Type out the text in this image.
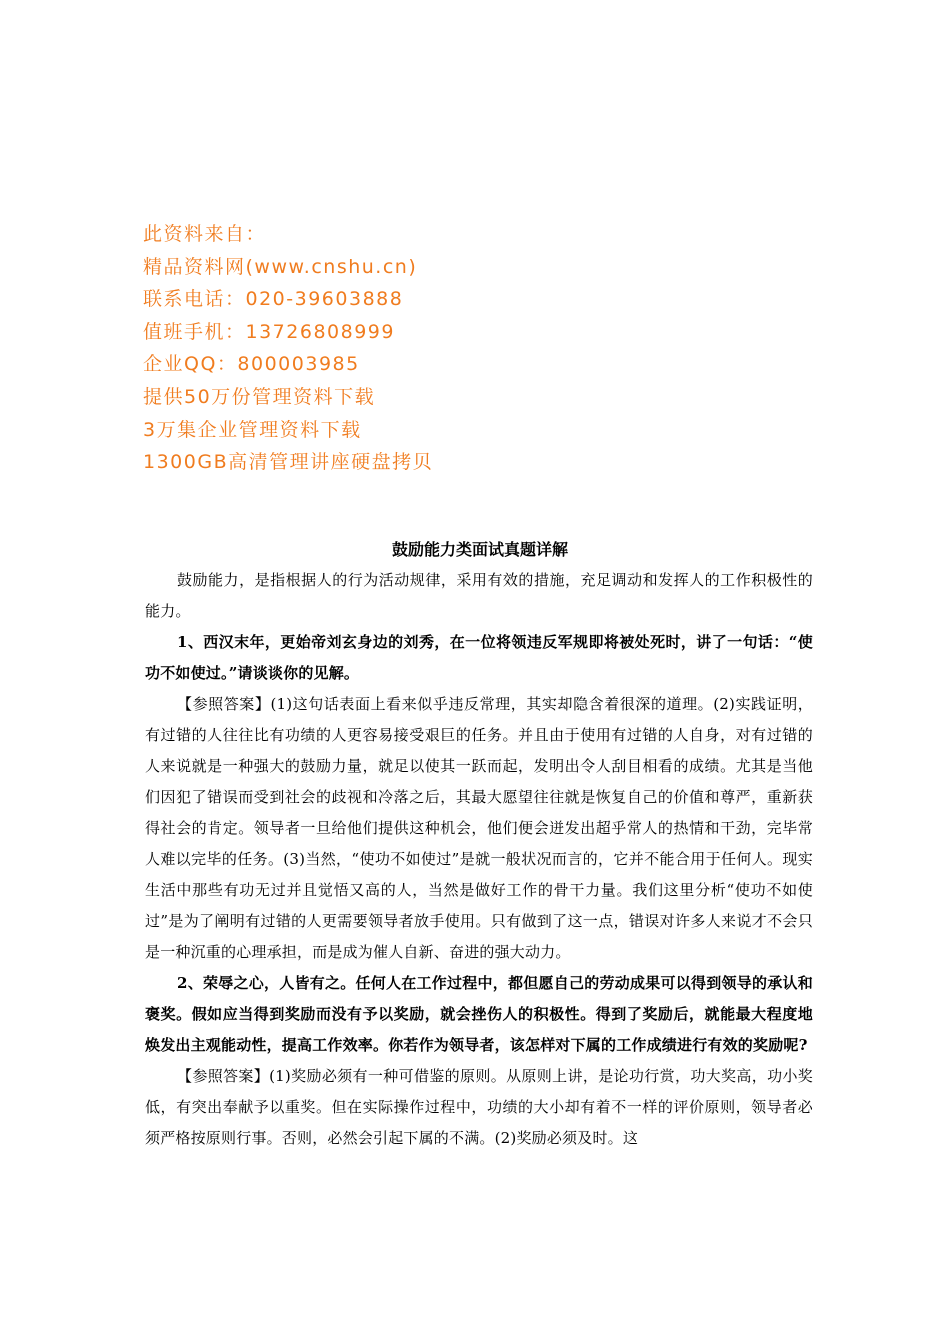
此资料来自：
精品资料网(www.cnshu.cn)
联系电话：020-39603888
值班手机：13726808999
企业QQ：800003985
提供50万份管理资料下载
3万集企业管理资料下载
1300GB高清管理讲座硬盘拷贝
鼓励能力类面试真题详解

鼓励能力，是指根据人的行为活动规律，采用有效的措施，充足调动和发挥人的工作积极性的能力。

1、西汉末年，更始帝刘玄身边的刘秀，在一位将领违反军规即将被处死时，讲了一句话：“使功不如使过。”请谈谈你的见解。

【参照答案】(1)这句话表面上看来似乎违反常理，其实却隐含着很深的道理。(2)实践证明，有过错的人往往比有功绩的人更容易接受艰巨的任务。并且由于使用有过错的人自身，对有过错的人来说就是一种强大的鼓励力量，就足以使其一跃而起，发明出令人刮目相看的成绩。尤其是当他们因犯了错误而受到社会的歧视和冷落之后，其最大愿望往往就是恢复自己的价值和尊严，重新获得社会的肯定。领导者一旦给他们提供这种机会，他们便会迸发出超乎常人的热情和干劲，完毕常人难以完毕的任务。(3)当然，“使功不如使过”是就一般状况而言的，它并不能合用于任何人。现实生活中那些有功无过并且觉悟又高的人，当然是做好工作的骨干力量。我们这里分析“使功不如使过”是为了阐明有过错的人更需要领导者放手使用。只有做到了这一点，错误对许多人来说才不会只是一种沉重的心理承担，而是成为催人自新、奋进的强大动力。

2、荣辱之心，人皆有之。任何人在工作过程中，都但愿自己的劳动成果可以得到领导的承认和褒奖。假如应当得到奖励而没有予以奖励，就会挫伤人的积极性。得到了奖励后，就能最大程度地焕发出主观能动性，提高工作效率。你若作为领导者，该怎样对下属的工作成绩进行有效的奖励呢?

【参照答案】(1)奖励必须有一种可借鉴的原则。从原则上讲，是论功行赏，功大奖高，功小奖低，有突出奉献予以重奖。但在实际操作过程中，功绩的大小却有着不一样的评价原则，领导者必须严格按原则行事。否则，必然会引起下属的不满。(2)奖励必须及时。这
